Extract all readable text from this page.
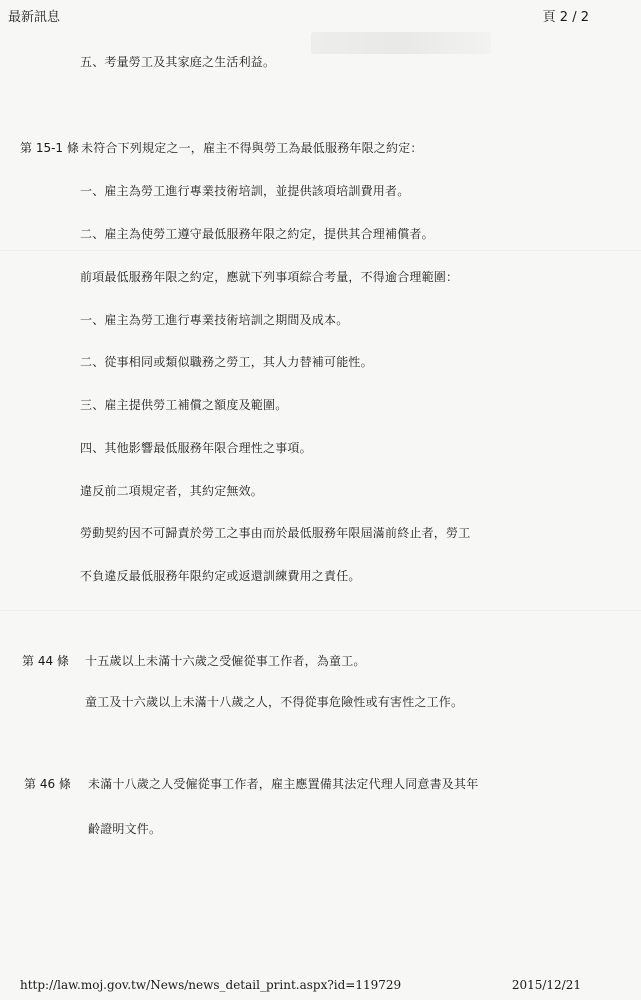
最新訊息	頁 2 / 2
五、考量勞工及其家庭之生活利益。
第 15-1 條 未符合下列規定之一，雇主不得與勞工為最低服務年限之約定：
一、雇主為勞工進行專業技術培訓，並提供該項培訓費用者。
二、雇主為使勞工遵守最低服務年限之約定，提供其合理補償者。
前項最低服務年限之約定，應就下列事項綜合考量，不得逾合理範圍：
一、雇主為勞工進行專業技術培訓之期間及成本。
二、從事相同或類似職務之勞工，其人力替補可能性。
三、雇主提供勞工補償之額度及範圍。
四、其他影響最低服務年限合理性之事項。
違反前二項規定者，其約定無效。
勞動契約因不可歸責於勞工之事由而於最低服務年限屆滿前終止者，勞工
不負違反最低服務年限約定或返還訓練費用之責任。
第 44 條 十五歲以上未滿十六歲之受僱從事工作者，為童工。
童工及十六歲以上未滿十八歲之人，不得從事危險性或有害性之工作。
第 46 條 未滿十八歲之人受僱從事工作者，雇主應置備其法定代理人同意書及其年
齡證明文件。
http://law.moj.gov.tw/News/news_detail_print.aspx?id=119729	2015/12/21
